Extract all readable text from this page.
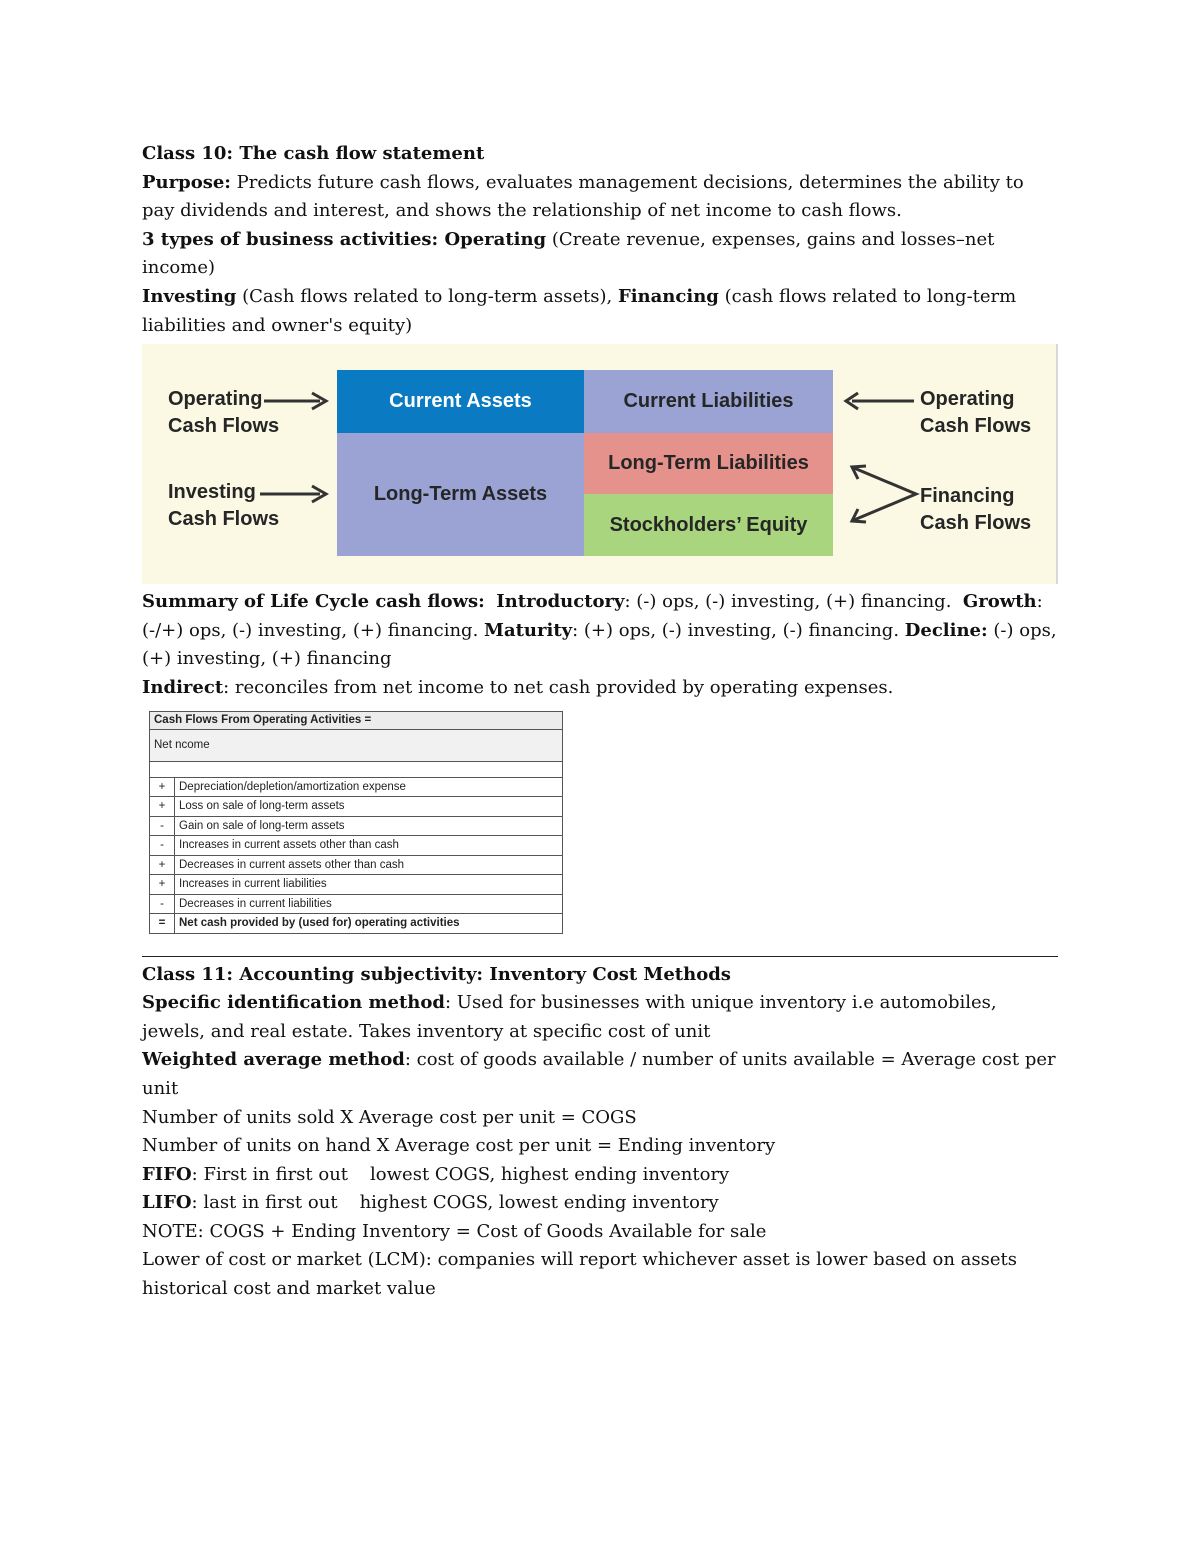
Class 10: The cash flow statement

Purpose: Predicts future cash flows, evaluates management decisions, determines the ability to pay dividends and interest, and shows the relationship of net income to cash flows.

3 types of business activities: Operating (Create revenue, expenses, gains and losses–net income)
Investing (Cash flows related to long-term assets), Financing (cash flows related to long-term liabilities and owner's equity)

Operating
Cash Flows
Investing
Cash Flows
Current Assets
Long-Term Assets
Current Liabilities
Long-Term Liabilities
Stockholders’ Equity
Operating
Cash Flows
Financing
Cash Flows

Summary of Life Cycle cash flows: Introductory: (-) ops, (-) investing, (+) financing.  Growth: (-/+) ops, (-) investing, (+) financing. Maturity: (+) ops, (-) investing, (-) financing. Decline: (-) ops, (+) investing, (+) financing

Indirect: reconciles from net income to net cash provided by operating expenses.

Cash Flows From Operating Activities =	
Net ncome	

+	Depreciation/depletion/amortization expense
+	Loss on sale of long-term assets
-	Gain on sale of long-term assets
-	Increases in current assets other than cash
+	Decreases in current assets other than cash
+	Increases in current liabilities
-	Decreases in current liabilities
=	Net cash provided by (used for) operating activities

Class 11: Accounting subjectivity: Inventory Cost Methods

Specific identification method: Used for businesses with unique inventory i.e automobiles, jewels, and real estate. Takes inventory at specific cost of unit

Weighted average method: cost of goods available / number of units available = Average cost per unit

Number of units sold X Average cost per unit = COGS

Number of units on hand X Average cost per unit = Ending inventory

FIFO: First in first out lowest COGS, highest ending inventory

LIFO: last in first out highest COGS, lowest ending inventory

NOTE: COGS + Ending Inventory = Cost of Goods Available for sale

Lower of cost or market (LCM): companies will report whichever asset is lower based on assets historical cost and market value
